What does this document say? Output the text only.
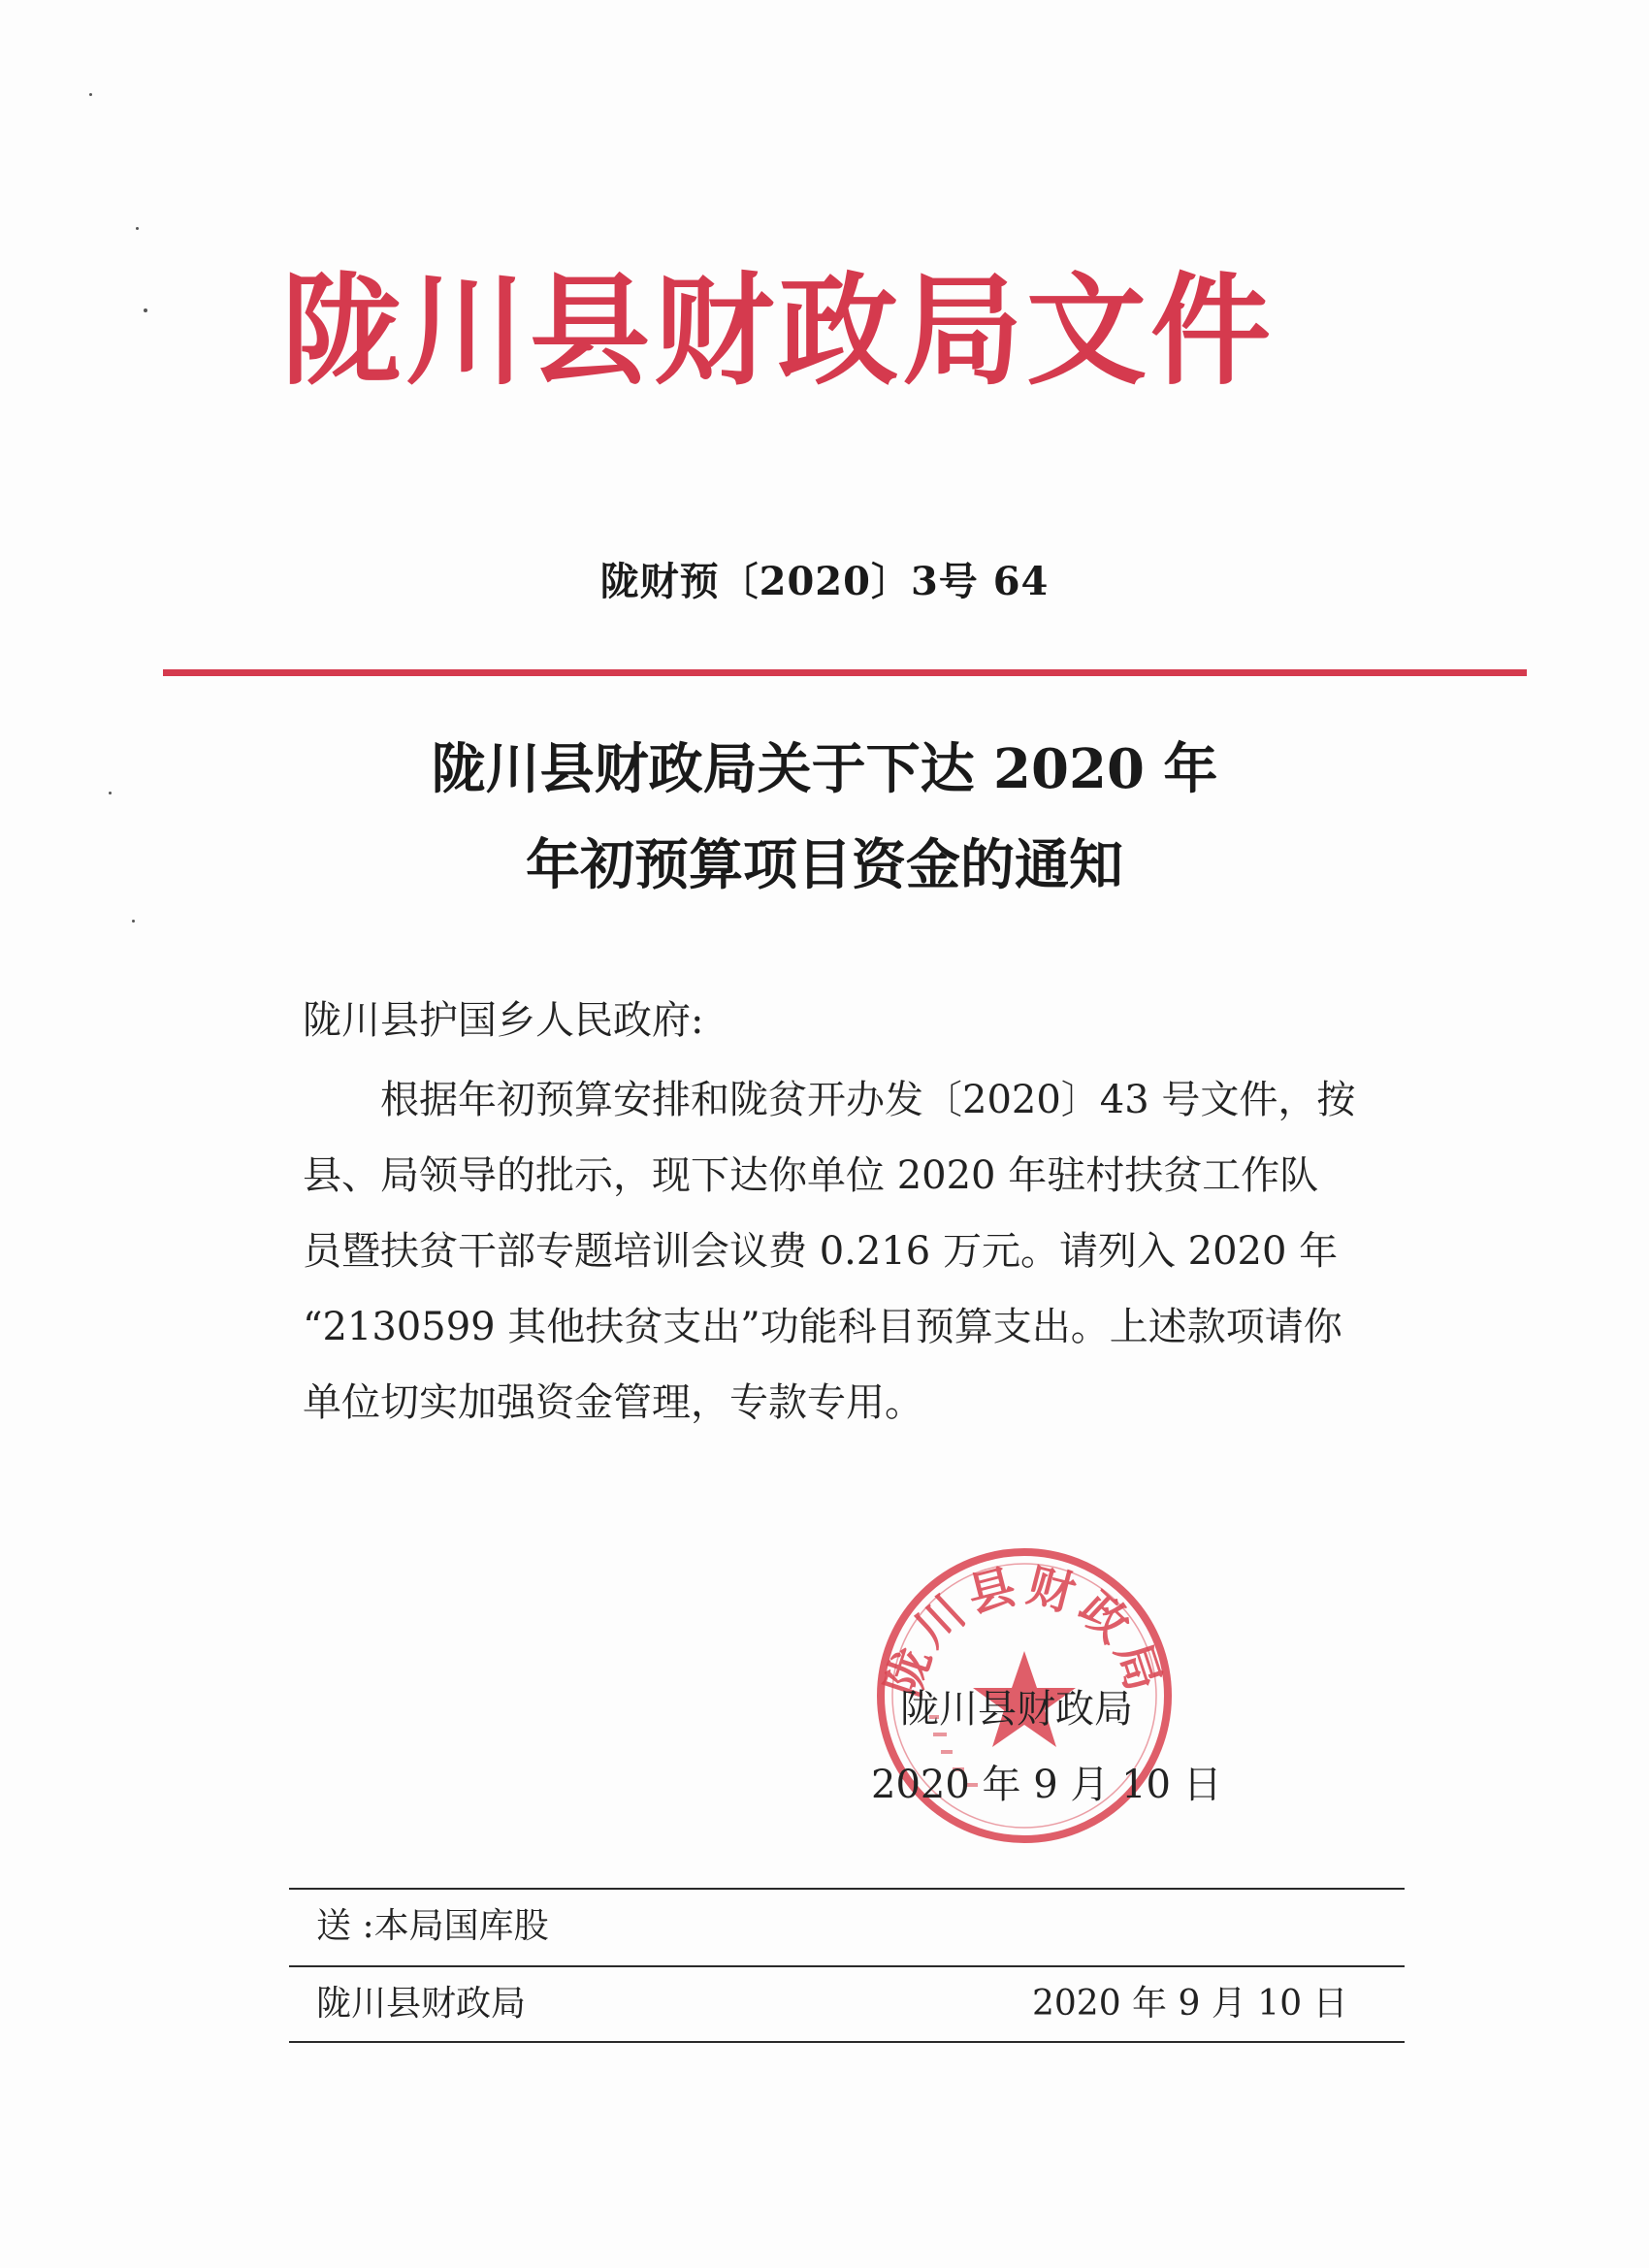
陇川县财政局文件
陇财预〔2020〕3号 64
陇川县财政局关于下达 2020 年
年初预算项目资金的通知
陇川县护国乡人民政府:
根据年初预算安排和陇贫开办发〔2020〕43 号文件，按
县、局领导的批示，现下达你单位 2020 年驻村扶贫工作队
员暨扶贫干部专题培训会议费 0.216 万元。请列入 2020 年
“2130599 其他扶贫支出”功能科目预算支出。上述款项请你
单位切实加强资金管理，专款专用。
陇川县财政局
陇川县财政局
2020 年 9 月 10 日
送 :本局国库股
陇川县财政局	2020 年 9 月 10 日
